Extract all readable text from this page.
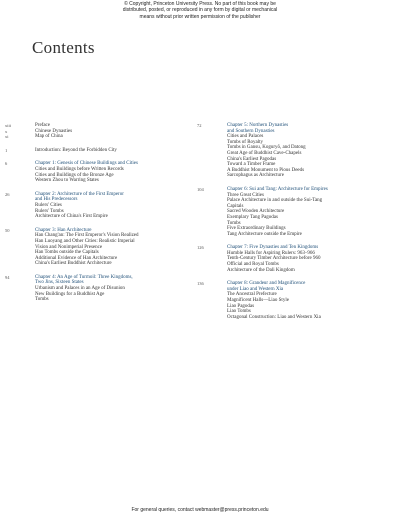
© Copyright, Princeton University Press. No part of this book may be
distributed, posted, or reproduced in any form by digital or mechanical
means without prior written permission of the publisher
Contents
xiii	Preface
x	Chinese Dynasties
xi	Map of China
1	Introduction: Beyond the Forbidden City
6	Chapter 1: Genesis of Chinese Buildings and Cities
Cities and Buildings before Written Records
Cities and Buildings of the Bronze Age
Western Zhou to Warring States
26	Chapter 2: Architecture of the First Emperor
and His Predecessors
Rulers' Cities
Rulers' Tombs
Architecture of China's First Empire
50	Chapter 3: Han Architecture
Han Chang'an: The First Emperor's Vision Realized
Han Luoyang and Other Cities: Realistic Imperial
Vision and Nonimperial Presence
Han Tombs outside the Capitals
Additional Evidence of Han Architecture
China's Earliest Buddhist Architecture
94	Chapter 4: An Age of Turmoil: Three Kingdoms,
Two Jins, Sixteen States
Urbanism and Palaces in an Age of Disunion
New Buildings for a Buddhist Age
Tombs
72	Chapter 5: Northern Dynasties
and Southern Dynasties
Cities and Palaces
Tombs of Royalty
Tombs in Gansu, Koguryŏ, and Datong
Great Age of Buddhist Cave-Chapels
China's Earliest Pagodas
Toward a Timber Frame
A Buddhist Monument to Pious Deeds
Sarcophagus as Architecture
104	Chapter 6: Sui and Tang: Architecture for Empires
Three Great Cities
Palace Architecture in and outside the Sui-Tang
Capitals
Sacred Wooden Architecture
Exemplary Tang Pagodas
Tombs
Five Extraordinary Buildings
Tang Architecture outside the Empire
126	Chapter 7: Five Dynasties and Ten Kingdoms
Humble Halls for Aspiring Rulers: 963–966
Tenth-Century Timber Architecture before 960
Official and Royal Tombs
Architecture of the Dali Kingdom
136	Chapter 8: Grandeur and Magnificence
under Liao and Western Xia
The Ancestral Prefecture
Magnificent Halls—Liao Style
Liao Pagodas
Liao Tombs
Octagonal Construction: Liao and Western Xia
For general queries, contact webmaster@press.princeton.edu
